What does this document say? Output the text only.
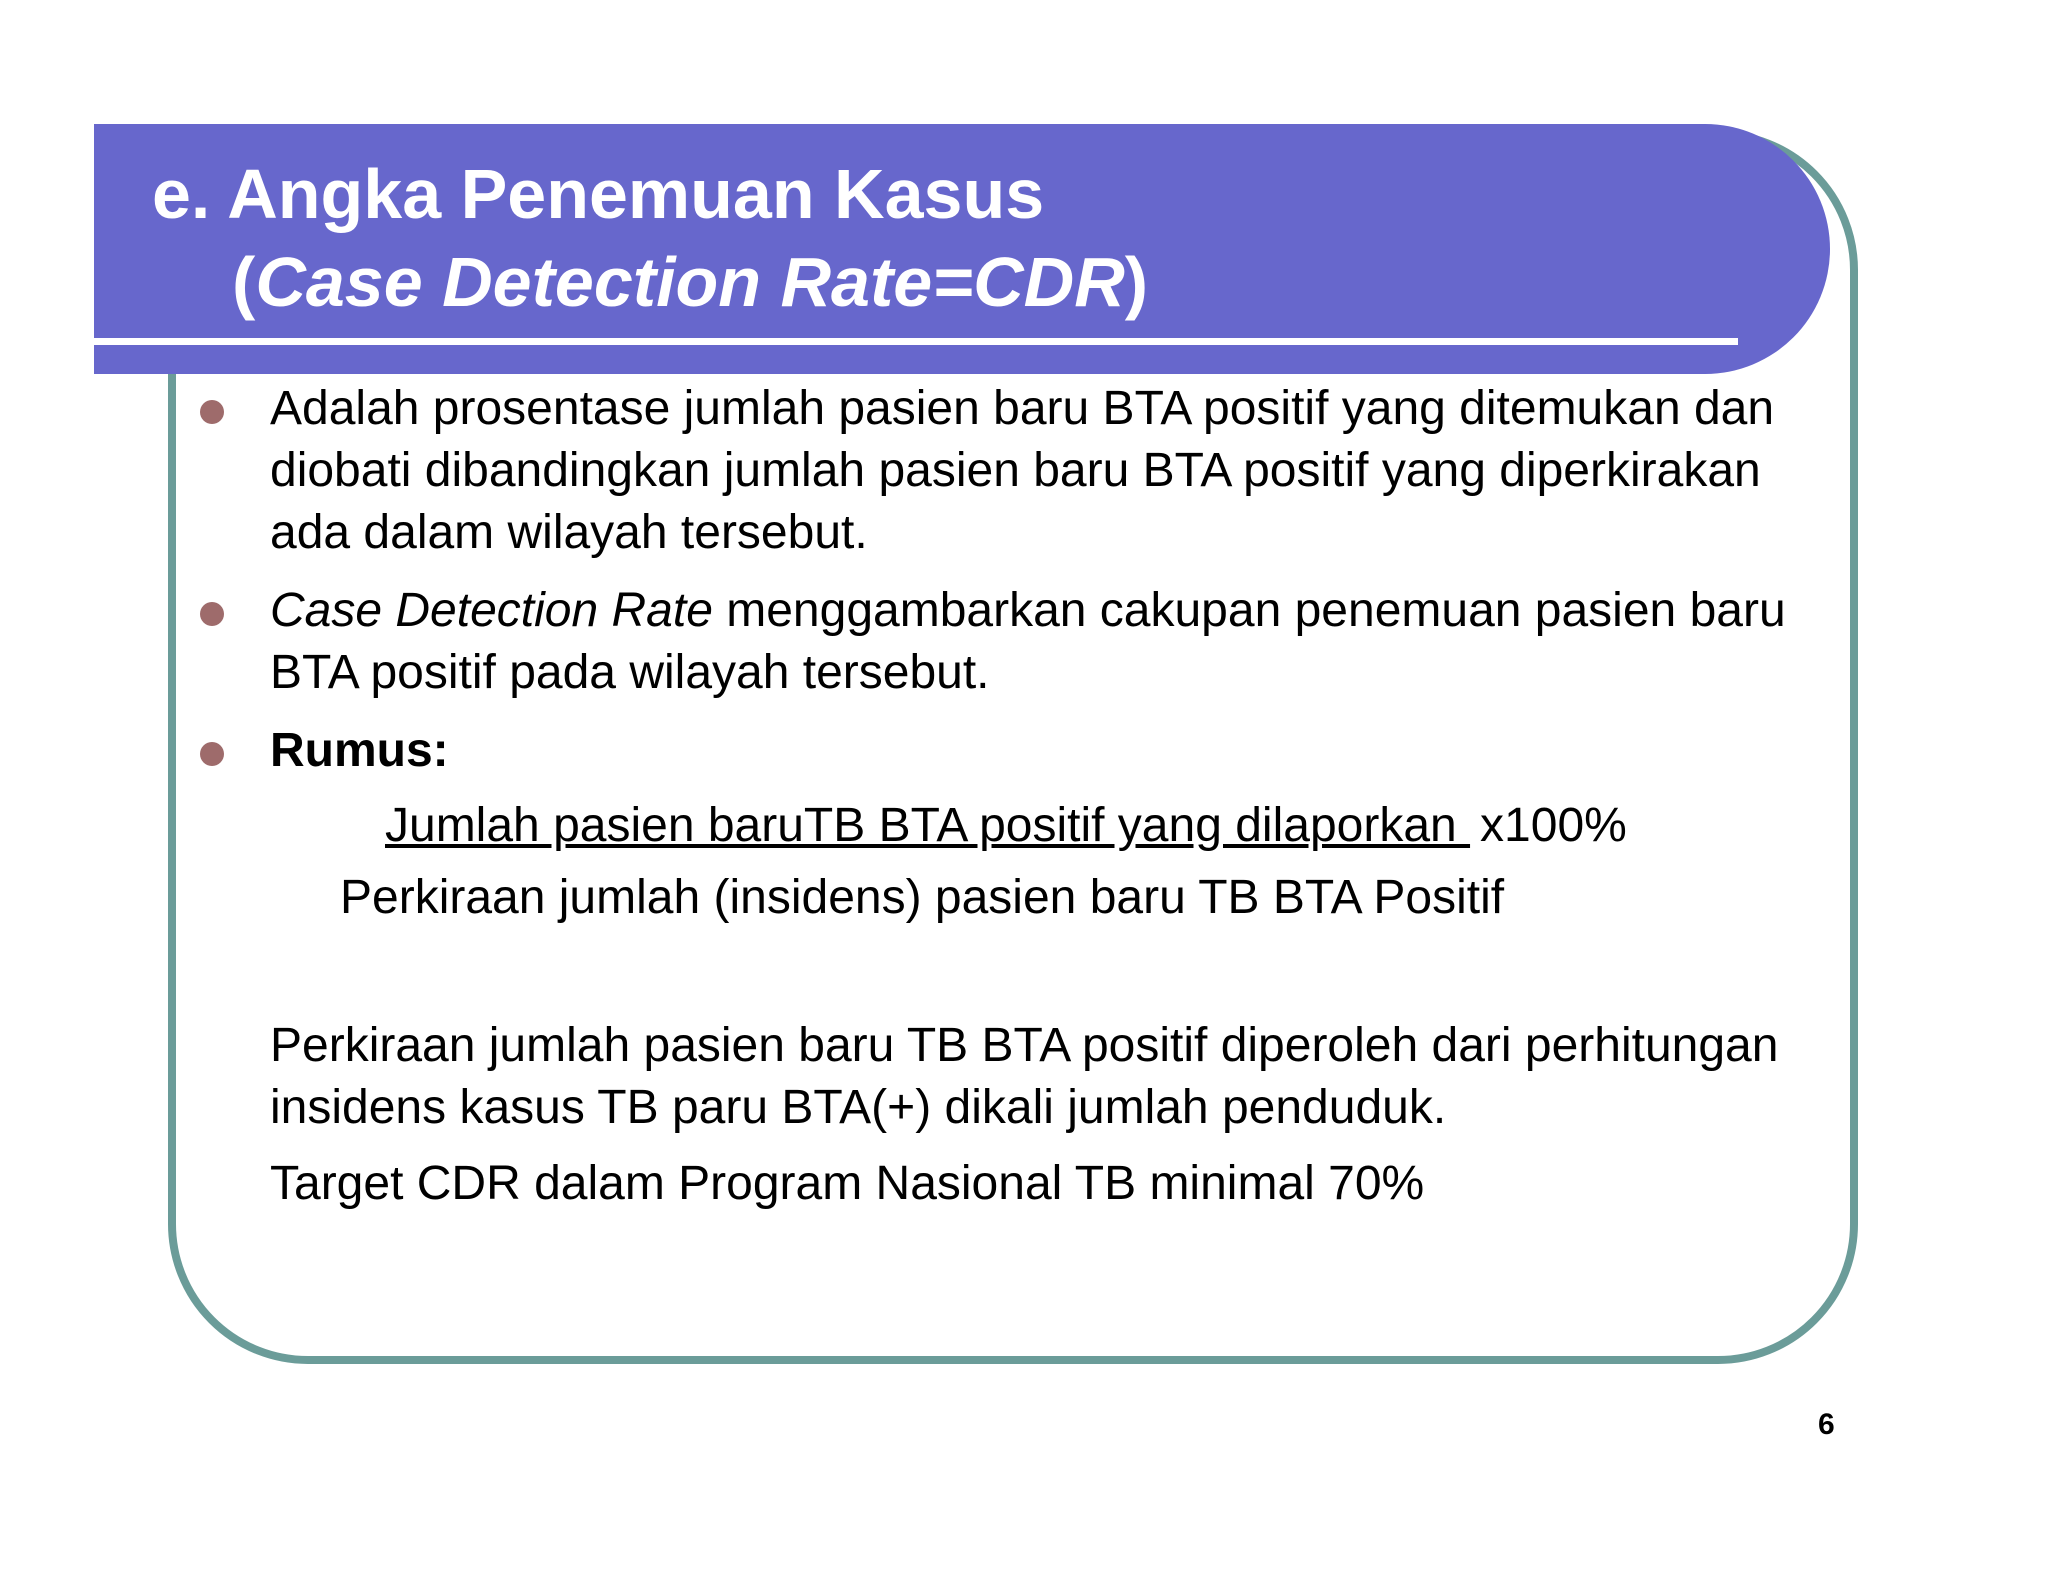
e. Angka Penemuan Kasus
(Case Detection Rate=CDR)
Adalah prosentase jumlah pasien baru BTA positif yang ditemukan dan diobati dibandingkan jumlah pasien baru BTA positif yang diperkirakan ada dalam wilayah tersebut.
Case Detection Rate menggambarkan cakupan penemuan pasien baru BTA positif pada wilayah tersebut.
Rumus:
Jumlah pasien baruTB BTA positif yang dilaporkan x100%
Perkiraan jumlah (insidens) pasien baru TB BTA Positif
Perkiraan jumlah pasien baru TB BTA positif diperoleh dari perhitungan insidens kasus TB paru BTA(+) dikali jumlah penduduk.
Target CDR dalam Program Nasional TB minimal 70%
6
